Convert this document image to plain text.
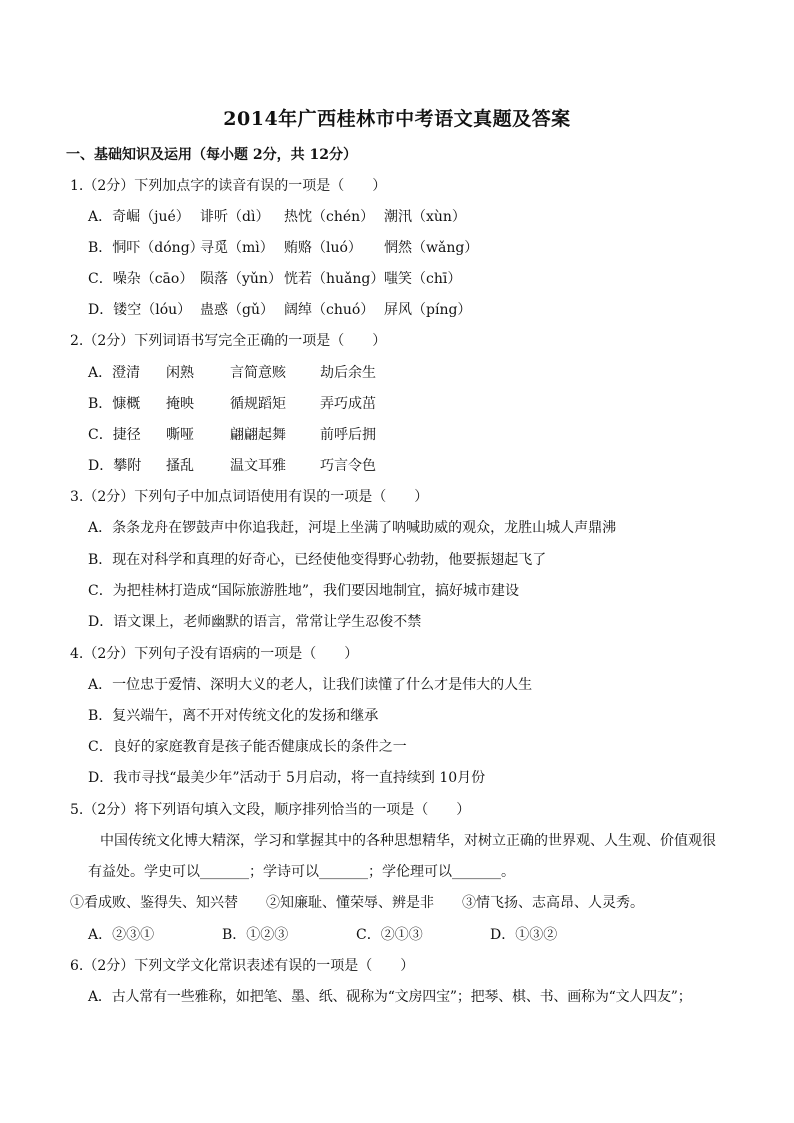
2014年广西桂林市中考语文真题及答案
一、基础知识及运用（每小题 2分，共 12分）
1.（2分）下列加点字的读音有误的一项是（　　）
A．奇崛（jué） 诽听（dì） 热忱（chén） 潮汛（xùn）
B．恫吓（dóng）寻觅（mì） 贿赂（luó） 惘然（wǎng）
C．噪杂（cāo） 陨落（yǔn） 恍若（huǎng）嗤笑（chī）
D．镂空（lóu） 蛊惑（gǔ） 阔绰（chuó） 屏风（píng）
2.（2分）下列词语书写完全正确的一项是（　　）
A．澄清 闲熟	言简意赅 劫后余生
B．慷概 掩映	循规蹈矩 弄巧成茁
C．捷径 嘶哑	翩翩起舞 前呼后拥
D．攀附 搔乱	温文耳雅 巧言令色
3.（2分）下列句子中加点词语使用有误的一项是（　　）
A．条条龙舟在锣鼓声中你追我赶，河堤上坐满了呐喊助威的观众，龙胜山城人声鼎沸
B．现在对科学和真理的好奇心，已经使他变得野心勃勃，他要振翅起飞了
C．为把桂林打造成“国际旅游胜地”，我们要因地制宜，搞好城市建设
D．语文课上，老师幽默的语言，常常让学生忍俊不禁
4.（2分）下列句子没有语病的一项是（　　）
A．一位忠于爱情、深明大义的老人，让我们读懂了什么才是伟大的人生
B．复兴端午，离不开对传统文化的发扬和继承
C．良好的家庭教育是孩子能否健康成长的条件之一
D．我市寻找“最美少年”活动于 5月启动，将一直持续到 10月份
5.（2分）将下列语句填入文段，顺序排列恰当的一项是（　　）
中国传统文化博大精深，学习和掌握其中的各种思想精华，对树立正确的世界观、人生观、价值观很
有益处。学史可以_______；学诗可以_______；学伦理可以_______。
①看成败、鉴得失、知兴替　　②知廉耻、懂荣辱、辨是非　　③情飞扬、志高昂、人灵秀。
A．②③①	B．①②③	C．②①③	D．①③②
6.（2分）下列文学文化常识表述有误的一项是（　　）
A．古人常有一些雅称，如把笔、墨、纸、砚称为“文房四宝”；把琴、棋、书、画称为“文人四友”；
